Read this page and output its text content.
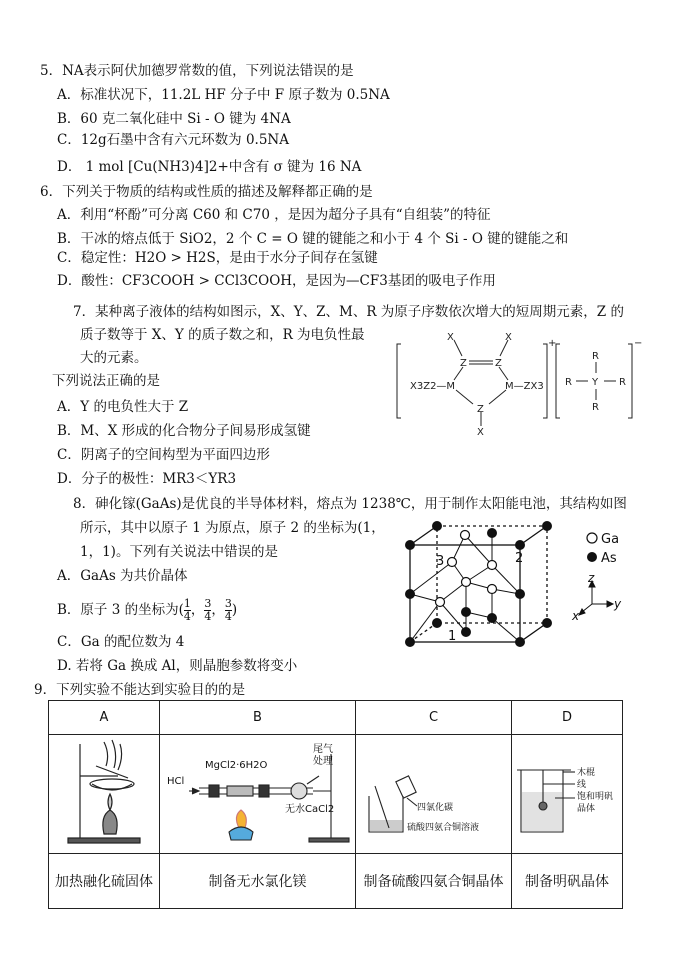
5．NA表示阿伏加德罗常数的值，下列说法错误的是
A．标准状况下，11.2L HF 分子中 F 原子数为 0.5NA
B．60 克二氧化硅中 Si - O 键为 4NA
C．12g石墨中含有六元环数为 0.5NA
D． 1 mol [Cu(NH3)4]2+中含有 σ 键为 16 NA
6．下列关于物质的结构或性质的描述及解释都正确的是
A．利用“杯酚”可分离 C60 和 C70 ，是因为超分子具有“自组装”的特征
B．干冰的熔点低于 SiO2，2 个 C = O 键的键能之和小于 4 个 Si - O 键的键能之和
C．稳定性：H2O > H2S，是由于水分子间存在氢键
D．酸性：CF3COOH > CCl3COOH，是因为—CF3基团的吸电子作用
7．某种离子液体的结构如图示，X、Y、Z、M、R 为原子序数依次增大的短周期元素，Z 的
质子数等于 X、Y 的质子数之和，R 为电负性最
大的元素。
下列说法正确的是
A．Y 的电负性大于 Z
B．M、X 形成的化合物分子间易形成氢键
C．阴离子的空间构型为平面四边形
D．分子的极性：MR3＜YR3
X	X
Z	Z
X3Z2—M	M—ZX3
Z
X
+	−
R
R Y R
R
8．砷化镓(GaAs)是优良的半导体材料，熔点为 1238℃，用于制作太阳能电池，其结构如图
所示，其中以原子 1 为原点，原子 2 的坐标为(1，
1，1)。下列有关说法中错误的是
A．GaAs 为共价晶体
B．原子 3 的坐标为( $\frac{1}{4}$ ， $\frac{3}{4}$ ， $\frac{3}{4}$ )
C．Ga 的配位数为 4
D. 若将 Ga 换成 Al，则晶胞参数将变小
3	2
1
Ga
As
z
y
x
9．下列实验不能达到实验目的的是
A	B	C	D

HCl
MgCl2·6H2O
尾气
处理
无水CaCl2	四氯化碳
硫酸四氨合铜溶液	木棍
线
饱和明矾
晶体

加热融化硫固体	制备无水氯化镁	制备硫酸四氨合铜晶体	制备明矾晶体
